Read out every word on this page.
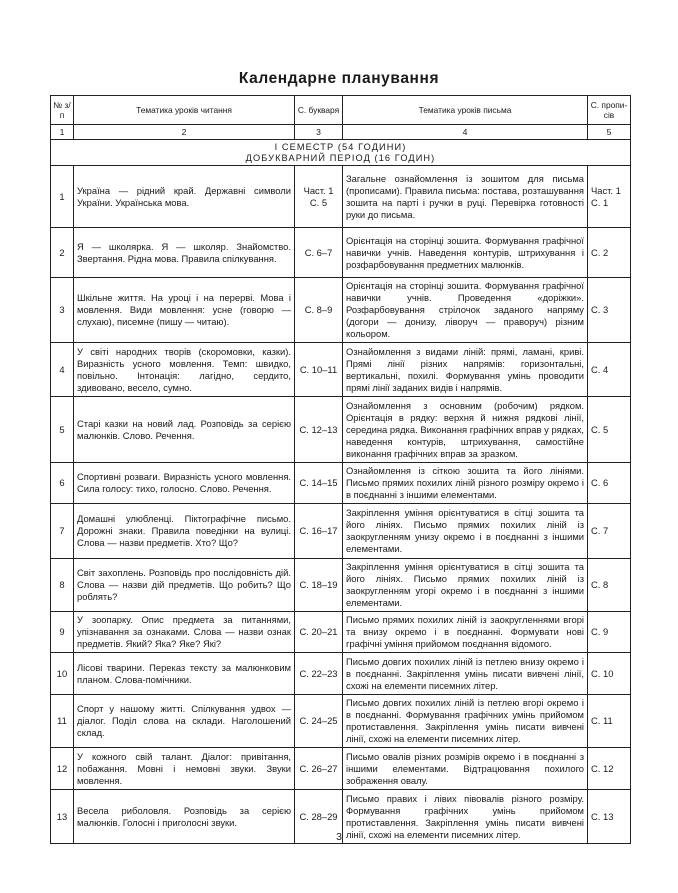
Календарне планування
№ з/п	Тематика уроків читання	С. букваря	Тематика уроків письма	С. пропи-сів
1	2	3	4	5

І СЕМЕСТР (54 ГОДИНИ)
ДОБУКВАРНИЙ ПЕРІОД (16 ГОДИН)				

1	Україна — рідний край. Державні символи України. Українська мова.	Част. 1 С. 5	Загальне ознайомлення із зошитом для письма (прописами). Правила письма: постава, розташування зошита на парті і ручки в руці. Перевірка готовності руки до письма.	Част. 1 С. 1
2	Я — школярка. Я — школяр. Знайомство. Звертання. Рідна мова. Правила спілкування.	С. 6–7	Орієнтація на сторінці зошита. Формування графічної навички учнів. Наведення контурів, штрихування і розфарбовування предметних малюнків.	С. 2
3	Шкільне життя. На уроці і на перерві. Мова і мовлення. Види мовлення: усне (говорю — слухаю), писемне (пишу — читаю).	С. 8–9	Орієнтація на сторінці зошита. Формування графічної навички учнів. Проведення «доріжки». Розфарбовування стрілочок заданого напряму (догори — донизу, ліворуч — праворуч) різним кольором.	С. 3
4	У світі народних творів (скоромовки, казки). Виразність усного мовлення. Темп: швидко, повільно. Інтонація: лагідно, сердито, здивовано, весело, сумно.	С. 10–11	Ознайомлення з видами ліній: прямі, ламані, криві. Прямі лінії різних напрямів: горизонтальні, вертикальні, похилі. Формування умінь проводити прямі лінії заданих видів і напрямів.	С. 4
5	Старі казки на новий лад. Розповідь за серією малюнків. Слово. Речення.	С. 12–13	Ознайомлення з основним (робочим) рядком. Орієнтація в рядку: верхня й нижня рядкові лінії, середина рядка. Виконання графічних вправ у рядках, наведення контурів, штрихування, самостійне виконання графічних вправ за зразком.	С. 5
6	Спортивні розваги. Виразність усного мовлення. Сила голосу: тихо, голосно. Слово. Речення.	С. 14–15	Ознайомлення із сіткою зошита та його лініями. Письмо прямих похилих ліній різного розміру окремо і в поєднанні з іншими елементами.	С. 6
7	Домашні улюбленці. Піктографічне письмо. Дорожні знаки. Правила поведінки на вулиці. Слова — назви предметів. Хто? Що?	С. 16–17	Закріплення уміння орієнтуватися в сітці зошита та його лініях. Письмо прямих похилих ліній із заокругленням унизу окремо і в поєднанні з іншими елементами.	С. 7
8	Світ захоплень. Розповідь про послідовність дій. Слова — назви дій предметів. Що робить? Що роблять?	С. 18–19	Закріплення уміння орієнтуватися в сітці зошита та його лініях. Письмо прямих похилих ліній із заокругленням угорі окремо і в поєднанні з іншими елементами.	С. 8
9	У зоопарку. Опис предмета за питаннями, упізнавання за ознаками. Слова — назви ознак предметів. Який? Яка? Яке? Які?	С. 20–21	Письмо прямих похилих ліній із заокругленнями вгорі та внизу окремо і в поєднанні. Формувати нові графічні уміння прийомом поєднання відомого.	С. 9
10	Лісові тварини. Переказ тексту за малюнковим планом. Слова-помічники.	С. 22–23	Письмо довгих похилих ліній із петлею внизу окремо і в поєднанні. Закріплення умінь писати вивчені лінії, схожі на елементи писемних літер.	С. 10
11	Спорт у нашому житті. Спілкування удвох — діалог. Поділ слова на склади. Наголошений склад.	С. 24–25	Письмо довгих похилих ліній із петлею вгорі окремо і в поєднанні. Формування графічних умінь прийомом протиставлення. Закріплення умінь писати вивчені лінії, схожі на елементи писемних літер.	С. 11
12	У кожного свій талант. Діалог: привітання, побажання. Мовні і немовні звуки. Звуки мовлення.	С. 26–27	Письмо овалів різних розмірів окремо і в поєднанні з іншими елементами. Відтрацювання похилого зображення овалу.	С. 12
13	Весела риболовля. Розповідь за серією малюнків. Голосні і приголосні звуки.	С. 28–29	Письмо правих і лівих півовалів різного розміру. Формування графічних умінь прийомом протиставлення. Закріплення умінь писати вивчені лінії, схожі на елементи писемних літер.	С. 13
3
